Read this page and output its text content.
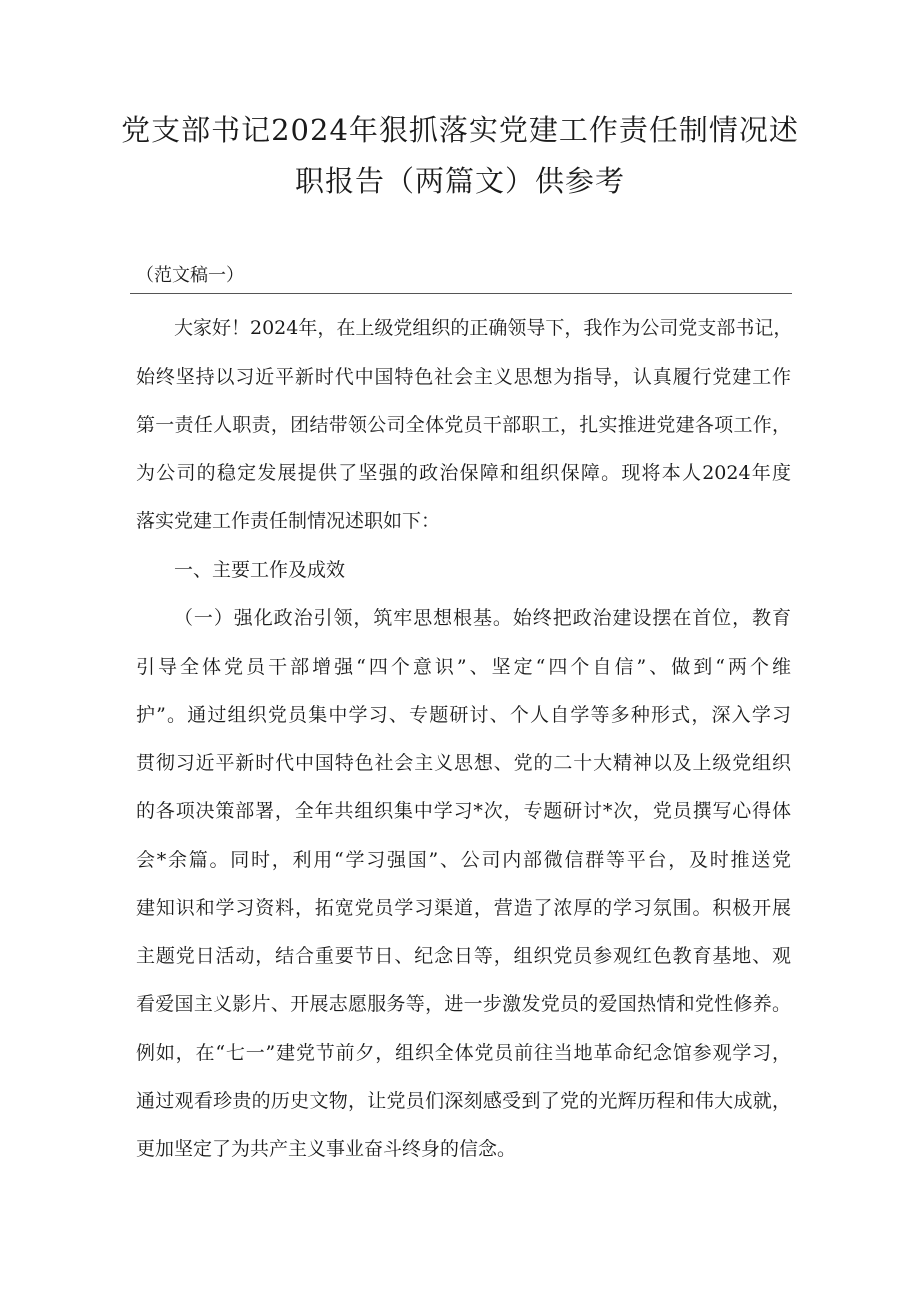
党支部书记2024年狠抓落实党建工作责任制情况述
职报告（两篇文）供参考
（范文稿一）
大家好！2024年，在上级党组织的正确领导下，我作为公司党支部书记，
始终坚持以习近平新时代中国特色社会主义思想为指导，认真履行党建工作
第一责任人职责，团结带领公司全体党员干部职工，扎实推进党建各项工作，
为公司的稳定发展提供了坚强的政治保障和组织保障。现将本人2024年度
落实党建工作责任制情况述职如下：
一、主要工作及成效
（一）强化政治引领，筑牢思想根基。始终把政治建设摆在首位，教育
引导全体党员干部增强“四个意识”、坚定“四个自信”、做到“两个维
护”。通过组织党员集中学习、专题研讨、个人自学等多种形式，深入学习
贯彻习近平新时代中国特色社会主义思想、党的二十大精神以及上级党组织
的各项决策部署，全年共组织集中学习*次，专题研讨*次，党员撰写心得体
会*余篇。同时，利用“学习强国”、公司内部微信群等平台，及时推送党
建知识和学习资料，拓宽党员学习渠道，营造了浓厚的学习氛围。积极开展
主题党日活动，结合重要节日、纪念日等，组织党员参观红色教育基地、观
看爱国主义影片、开展志愿服务等，进一步激发党员的爱国热情和党性修养。
例如，在“七一”建党节前夕，组织全体党员前往当地革命纪念馆参观学习，
通过观看珍贵的历史文物，让党员们深刻感受到了党的光辉历程和伟大成就，
更加坚定了为共产主义事业奋斗终身的信念。
